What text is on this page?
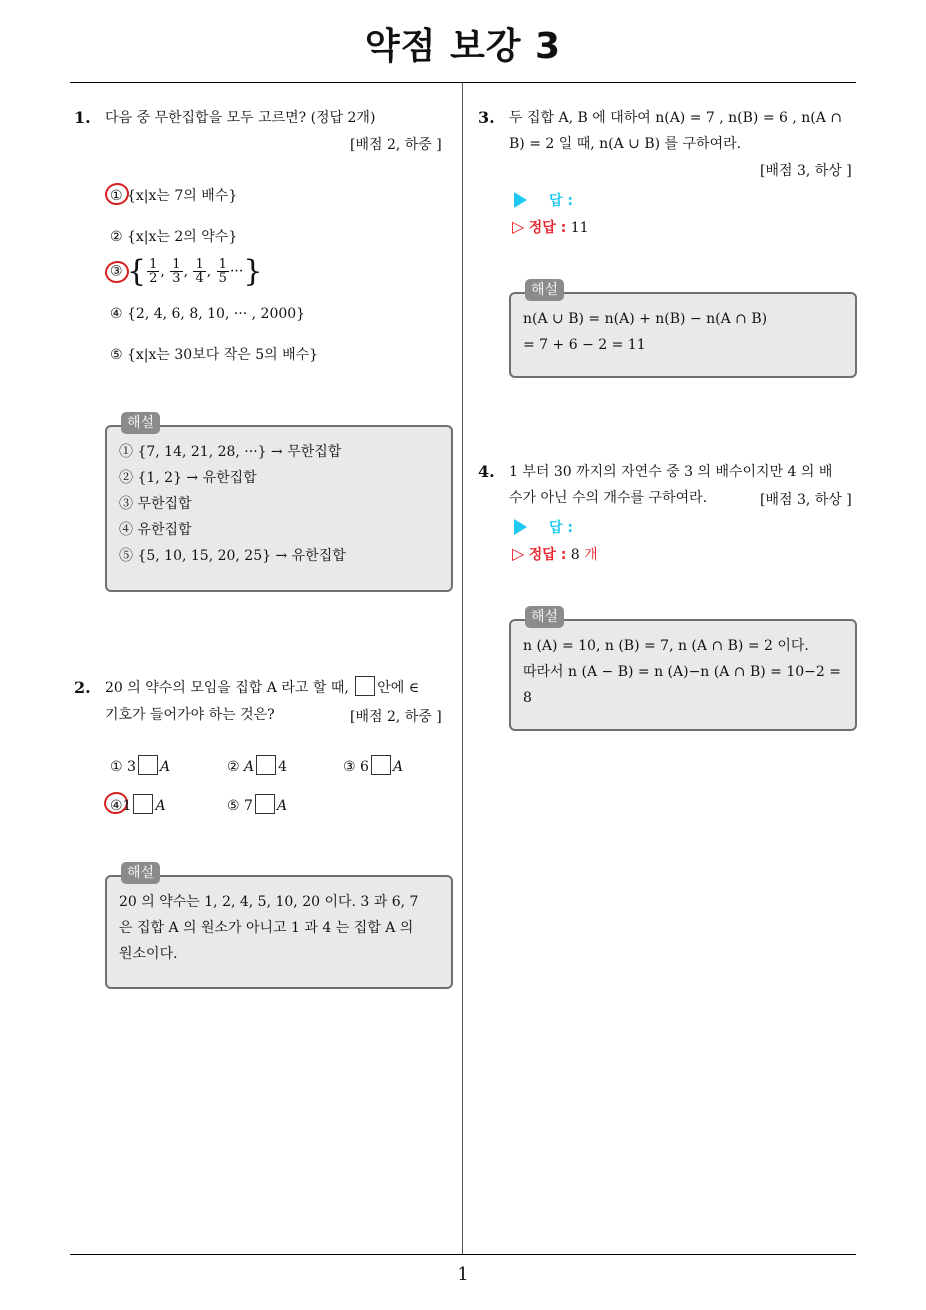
약점 보강 3
1. 다음 중 무한집합을 모두 고르면? (정답 2개)
[배점 2, 하중 ]
① {x|x는 7의 배수}
② {x|x는 2의 약수}
③ { $\frac{1}{2}$ , $\frac{1}{3}$ , $\frac{1}{4}$ , $\frac{1}{5}$ ···}
④ {2, 4, 6, 8, 10, ··· , 2000}
⑤ {x|x는 30보다 작은 5의 배수}
해설
① {7, 14, 21, 28, ···} → 무한집합
② {1, 2} → 유한집합
③ 무한집합
④ 유한집합
⑤ {5, 10, 15, 20, 25} → 유한집합
2. 20 의 약수의 모임을 집합 A 라고 할 때, 안에 ∈
기호가 들어가야 하는 것은?	[배점 2, 하중 ]
① 3 A	② A 4	③ 6 A
④1 A	⑤ 7 A
해설
20 의 약수는 1, 2, 4, 5, 10, 20 이다. 3 과 6, 7
은 집합 A 의 원소가 아니고 1 과 4 는 집합 A 의
원소이다.
3. 두 집합 A, B 에 대하여 n(A) = 7 , n(B) = 6 , n(A ∩
B) = 2 일 때, n(A ∪ B) 를 구하여라.
[배점 3, 하상 ]
답 :
▷ 정답 : 11
해설
n(A ∪ B) = n(A) + n(B) − n(A ∩ B)
= 7 + 6 − 2 = 11
4. 1 부터 30 까지의 자연수 중 3 의 배수이지만 4 의 배
수가 아닌 수의 개수를 구하여라.	[배점 3, 하상 ]
답 :
▷ 정답 : 8 개
해설
n (A) = 10, n (B) = 7, n (A ∩ B) = 2 이다.
따라서 n (A − B) = n (A)−n (A ∩ B) = 10−2 =
8
1
